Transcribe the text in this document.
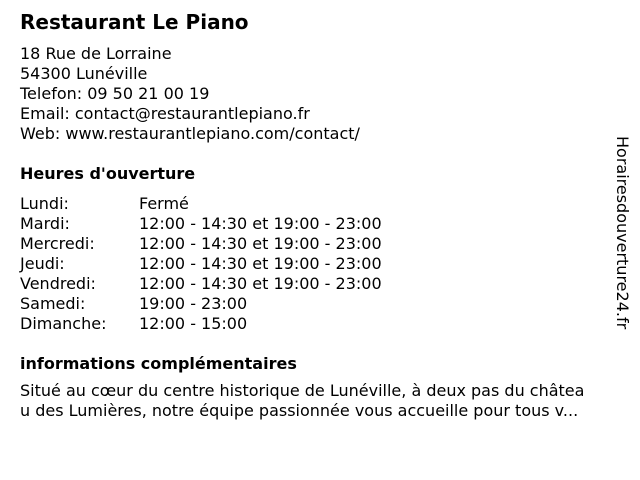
Restaurant Le Piano
18 Rue de Lorraine
54300 Lunéville
Telefon: 09 50 21 00 19
Email: contact@restaurantlepiano.fr
Web: www.restaurantlepiano.com/contact/
Heures d'ouverture
Lundi:	Fermé
Mardi:	12:00 - 14:30 et 19:00 - 23:00
Mercredi:	12:00 - 14:30 et 19:00 - 23:00
Jeudi:	12:00 - 14:30 et 19:00 - 23:00
Vendredi:	12:00 - 14:30 et 19:00 - 23:00
Samedi:	19:00 - 23:00
Dimanche: 12:00 - 15:00
informations complémentaires
Situé au cœur du centre historique de Lunéville, à deux pas du châtea
u des Lumières, notre équipe passionnée vous accueille pour tous v...
Horairesdouverture24.fr
